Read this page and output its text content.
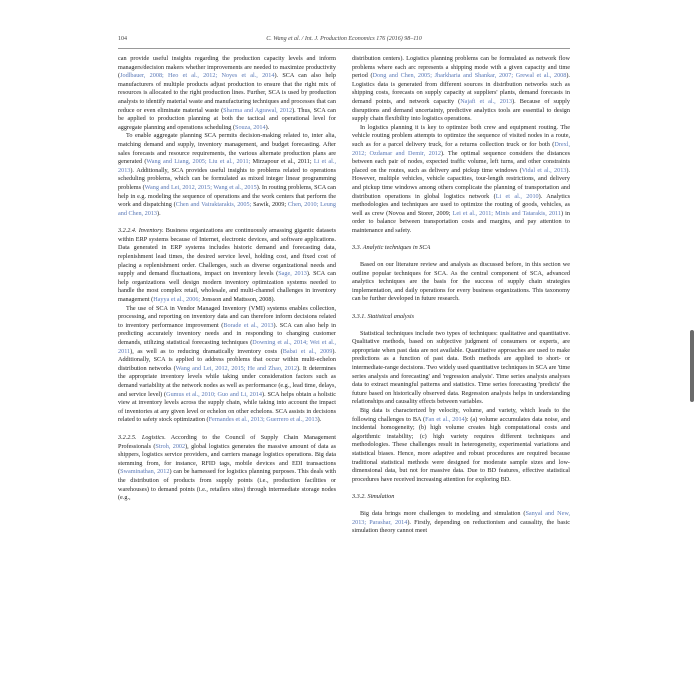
104	C. Wang et al. / Int. J. Production Economics 176 (2016) 98–110

can provide useful insights regarding the production capacity levels and inform managers/decision makers whether improvements are needed to maximize productivity (Jodlbauer, 2008; Heo et al., 2012; Noyes et al., 2014). SCA can also help manufacturers of multiple products adjust production to ensure that the right mix of resources is allocated to the right production lines. Further, SCA is used by production analysts to identify material waste and manufacturing techniques and processes that can reduce or even eliminate material waste (Sharma and Agrawal, 2012). Thus, SCA can be applied to production planning at both the tactical and operational level for aggregate planning and operations scheduling (Souza, 2014).

To enable aggregate planning SCA permits decision-making related to, inter alia, matching demand and supply, inventory management, and budget forecasting. After sales forecasts and resource requirements, the various alternate production plans are generated (Wang and Liang, 2005; Liu et al., 2011; Mirzapour et al., 2011; Li et al., 2013). Additionally, SCA provides useful insights to problems related to operations scheduling problems, which can be formulated as mixed integer linear programming problems (Wang and Lei, 2012, 2015; Wang et al., 2015). In routing problems, SCA can help in e.g. modeling the sequence of operations and the work centers that perform the work and dispatching (Chen and Vairaktarakis, 2005; Sawik, 2009; Chen, 2010; Leung and Chen, 2013).

3.2.2.4. Inventory. Business organizations are continuously amassing gigantic datasets within ERP systems because of Internet, electronic devices, and software applications. Data generated in ERP systems includes historic demand and forecasting data, replenishment lead times, the desired service level, holding cost, and fixed cost of placing a replenishment order. Challenges, such as diverse organizational needs and supply and demand fluctuations, impact on inventory levels (Sage, 2013). SCA can help organizations well design modern inventory optimization systems needed to handle the most complex retail, wholesale, and multi-channel challenges in inventory management (Hayya et al., 2006; Jonsson and Mattsson, 2008).

The use of SCA in Vendor Managed Inventory (VMI) systems enables collection, processing, and reporting on inventory data and can therefore inform decisions related to inventory performance improvement (Borade et al., 2013). SCA can also help in predicting accurately inventory needs and in responding to changing customer demands, utilizing statistical forecasting techniques (Downing et al., 2014; Wei et al., 2011), as well as to reducing dramatically inventory costs (Babai et al., 2009). Additionally, SCA is applied to address problems that occur within multi-echelon distribution networks (Wang and Lei, 2012, 2015; He and Zhao, 2012). It determines the appropriate inventory levels while taking under consideration factors such as demand variability at the network nodes as well as performance (e.g., lead time, delays, and service level) (Gumus et al., 2010; Guo and Li, 2014). SCA helps obtain a holistic view at inventory levels across the supply chain, while taking into account the impact of inventories at any given level or echelon on other echelons. SCA assists in decisions related to safety stock optimization (Fernandes et al., 2013; Guerrero et al., 2013).

3.2.2.5. Logistics. According to the Council of Supply Chain Management Professionals (Stroh, 2002), global logistics generates the massive amount of data as shippers, logistics service providers, and carriers manage logistics operations. Big data stemming from, for instance, RFID tags, mobile devices and EDI transactions (Swaminathan, 2012) can be harnessed for logistics planning purposes. This deals with the distribution of products from supply points (i.e., production facilities or warehouses) to demand points (i.e., retailers sites) through intermediate storage nodes (e.g.,

distribution centers). Logistics planning problems can be formulated as network flow problems where each arc represents a shipping mode with a given capacity and time period (Dong and Chen, 2005; Jharkharia and Shankar, 2007; Grewal et al., 2008). Logistics data is generated from different sources in distribution networks such as shipping costs, forecasts on supply capacity at suppliers' plants, demand forecasts in demand points, and network capacity (Najafi et al., 2013). Because of supply disruptions and demand uncertainty, predictive analytics tools are essential to design supply chain flexibility into logistics operations.

In logistics planning it is key to optimize both crew and equipment routing. The vehicle routing problem attempts to optimize the sequence of visited nodes in a route, such as for a parcel delivery truck, for a returns collection truck or for both (Drexl, 2012; Ozdamar and Demir, 2012). The optimal sequence considers the distances between each pair of nodes, expected traffic volume, left turns, and other constraints placed on the routes, such as delivery and pickup time windows (Vidal et al., 2013). However, multiple vehicles, vehicle capacities, tour-length restrictions, and delivery and pickup time windows among others complicate the planning of transportation and distribution operations in global logistics network (Li et al., 2010). Analytics methodologies and techniques are used to optimize the routing of goods, vehicles, as well as crew (Novoa and Storer, 2009; Lei et al., 2011; Minis and Tatarakis, 2011) in order to balance between transportation costs and margins, and pay attention to maintenance and safety.

3.3. Analytic techniques in SCA

Based on our literature review and analysis as discussed before, in this section we outline popular techniques for SCA. As the central component of SCA, advanced analytics techniques are the basis for the success of supply chain strategies implementation, and daily operations for every business organizations. This taxonomy can be further developed in future research.

3.3.1. Statistical analysis

Statistical techniques include two types of techniques: qualitative and quantitative. Qualitative methods, based on subjective judgment of consumers or experts, are appropriate when past data are not available. Quantitative approaches are used to make predictions as a function of past data. Both methods are applied to short- or intermediate-range decisions. Two widely used quantitative techniques in SCA are 'time series analysis and forecasting' and 'regression analysis'. Time series analysis analyses data to extract meaningful patterns and statistics. Time series forecasting 'predicts' the future based on historically observed data. Regression analysis helps in understanding relationships and causality effects between variables.

Big data is characterized by velocity, volume, and variety, which leads to the following challenges to BA (Fan et al., 2014): (a) volume accumulates data noise, and incidental homogeneity; (b) high volume creates high computational costs and algorithmic instability; (c) high variety requires different techniques and methodologies. These challenges result in heterogeneity, experimental variations and statistical biases. Hence, more adaptive and robust procedures are required because traditional statistical methods were designed for moderate sample sizes and low-dimensional data, but not for massive data. Due to BD features, effective statistical procedures have received increasing attention for exploring BD.

3.3.2. Simulation

Big data brings more challenges to modeling and simulation (Sanyal and New, 2013; Parashar, 2014). Firstly, depending on reductionism and causality, the basic simulation theory cannot meet
